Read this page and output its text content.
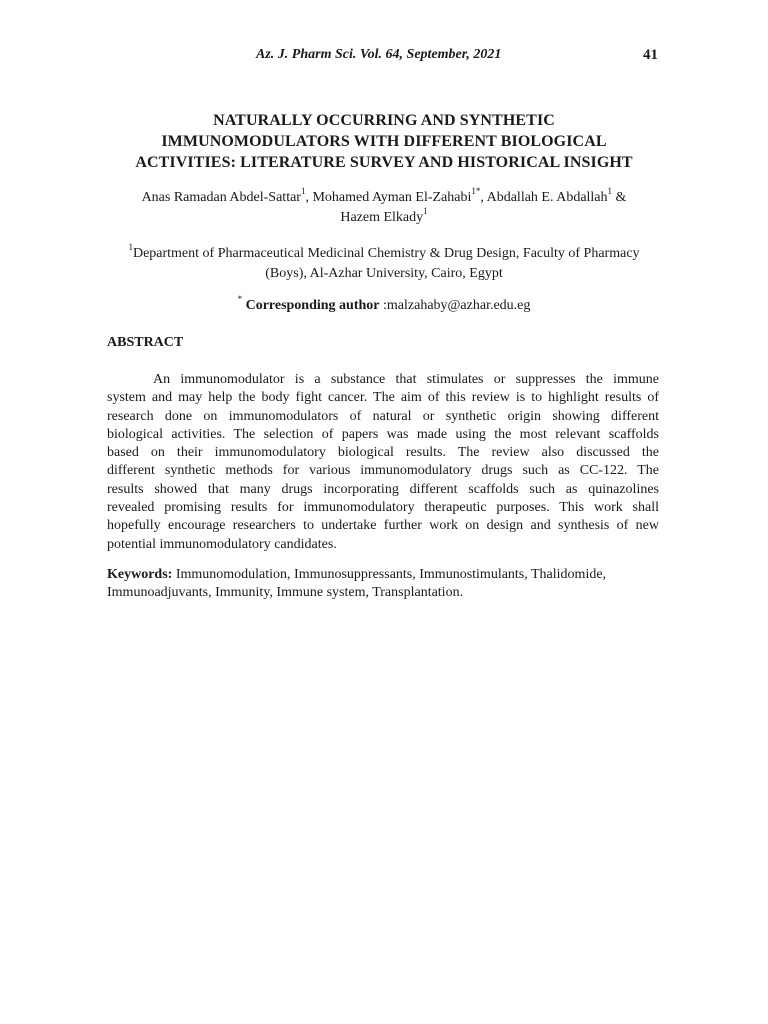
Az. J. Pharm Sci. Vol. 64, September, 2021	41
NATURALLY OCCURRING AND SYNTHETIC
IMMUNOMODULATORS WITH DIFFERENT BIOLOGICAL
ACTIVITIES: LITERATURE SURVEY AND HISTORICAL INSIGHT
Anas Ramadan Abdel-Sattar$^1$, Mohamed Ayman El-Zahabi$^{1*}$, Abdallah E. Abdallah$^1$ &
Hazem Elkady$^1$
$^1$Department of Pharmaceutical Medicinal Chemistry & Drug Design, Faculty of Pharmacy
(Boys), Al-Azhar University, Cairo, Egypt
* Corresponding author :malzahaby@azhar.edu.eg
ABSTRACT
An immunomodulator is a substance that stimulates or suppresses the immune
system and may help the body fight cancer. The aim of this review is to highlight results of
research done on immunomodulators of natural or synthetic origin showing different
biological activities. The selection of papers was made using the most relevant scaffolds
based on their immunomodulatory biological results. The review also discussed the
different synthetic methods for various immunomodulatory drugs such as CC-122. The
results showed that many drugs incorporating different scaffolds such as quinazolines
revealed promising results for immunomodulatory therapeutic purposes. This work shall
hopefully encourage researchers to undertake further work on design and synthesis of new
potential immunomodulatory candidates.
Keywords: Immunomodulation, Immunosuppressants, Immunostimulants, Thalidomide,
Immunoadjuvants, Immunity, Immune system, Transplantation.
